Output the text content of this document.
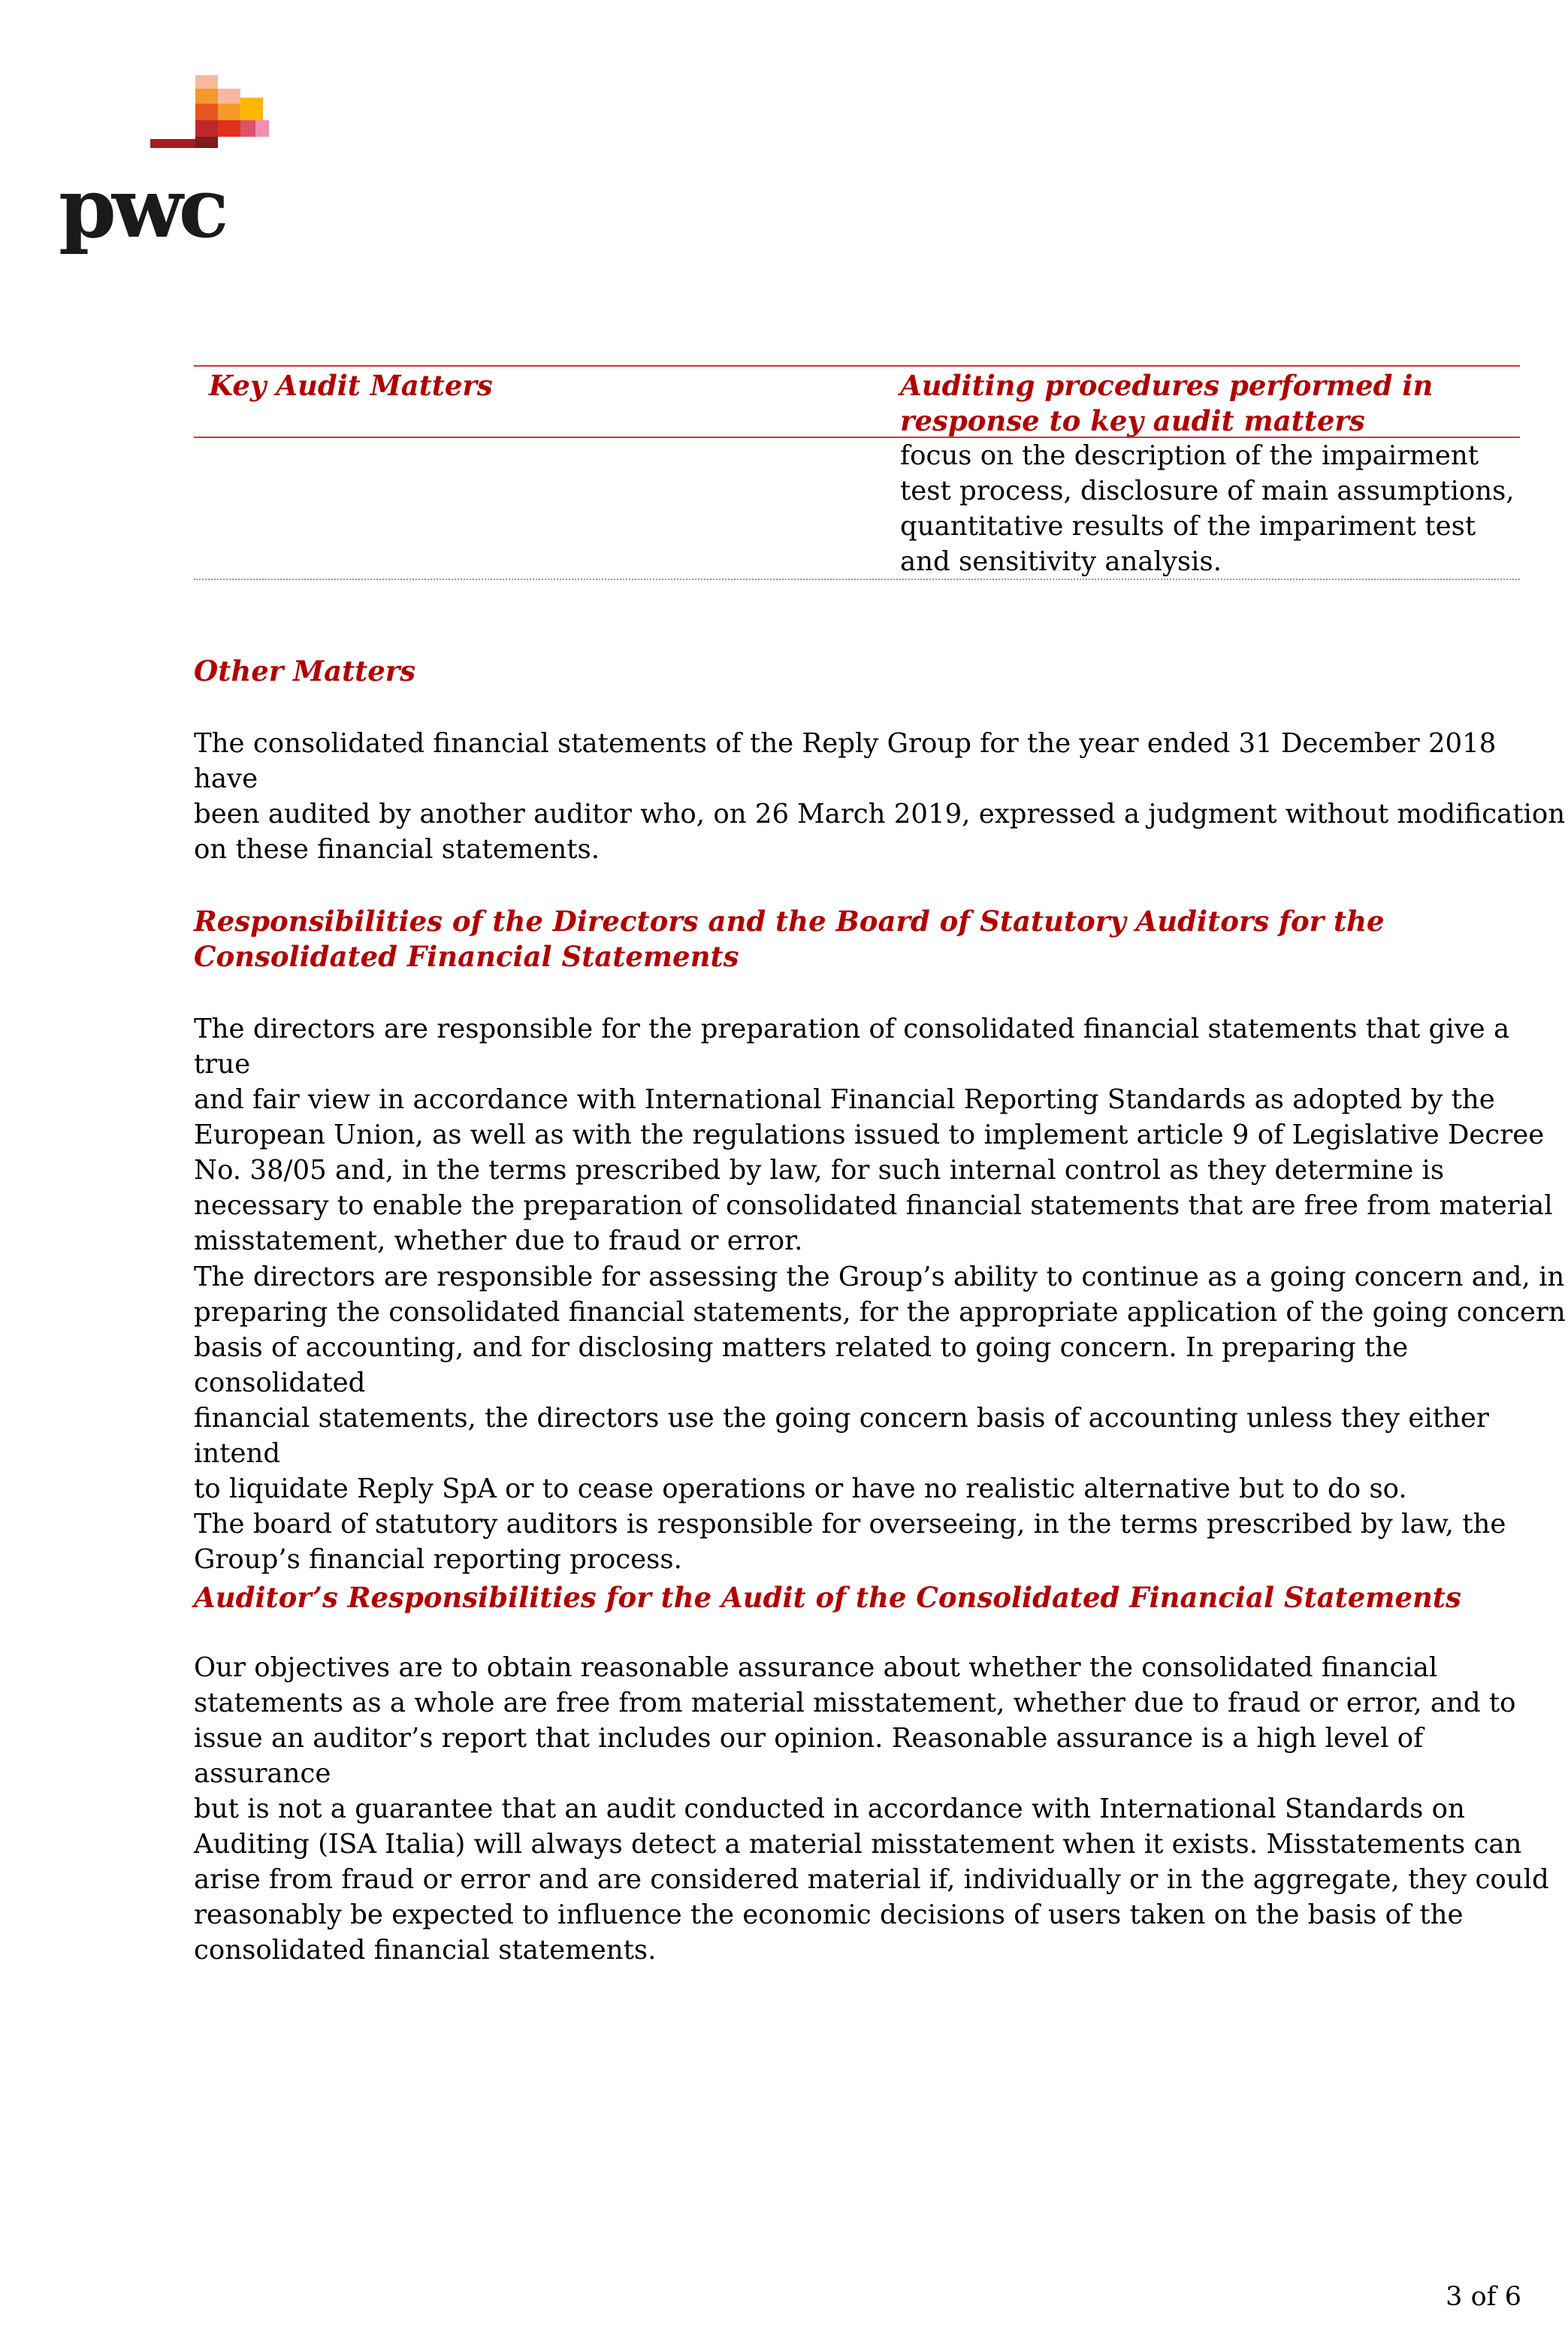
pwc
Key Audit Matters	Auditing procedures performed in
response to key audit matters

focus on the description of the impairment

test process, disclosure of main assumptions,

quantitative results of the impariment test

and sensitivity analysis.

Other Matters

The consolidated financial statements of the Reply Group for the year ended 31 December 2018 have

been audited by another auditor who, on 26 March 2019, expressed a judgment without modification

on these financial statements.

Responsibilities of the Directors and the Board of Statutory Auditors for the
Consolidated Financial Statements

The directors are responsible for the preparation of consolidated financial statements that give a true

and fair view in accordance with International Financial Reporting Standards as adopted by the

European Union, as well as with the regulations issued to implement article 9 of Legislative Decree

No. 38/05 and, in the terms prescribed by law, for such internal control as they determine is

necessary to enable the preparation of consolidated financial statements that are free from material

misstatement, whether due to fraud or error.

The directors are responsible for assessing the Group’s ability to continue as a going concern and, in

preparing the consolidated financial statements, for the appropriate application of the going concern

basis of accounting, and for disclosing matters related to going concern. In preparing the consolidated

financial statements, the directors use the going concern basis of accounting unless they either intend

to liquidate Reply SpA or to cease operations or have no realistic alternative but to do so.

The board of statutory auditors is responsible for overseeing, in the terms prescribed by law, the

Group’s financial reporting process.

Auditor’s Responsibilities for the Audit of the Consolidated Financial Statements

Our objectives are to obtain reasonable assurance about whether the consolidated financial

statements as a whole are free from material misstatement, whether due to fraud or error, and to

issue an auditor’s report that includes our opinion. Reasonable assurance is a high level of assurance

but is not a guarantee that an audit conducted in accordance with International Standards on

Auditing (ISA Italia) will always detect a material misstatement when it exists. Misstatements can

arise from fraud or error and are considered material if, individually or in the aggregate, they could

reasonably be expected to influence the economic decisions of users taken on the basis of the

consolidated financial statements.

3 of 6
